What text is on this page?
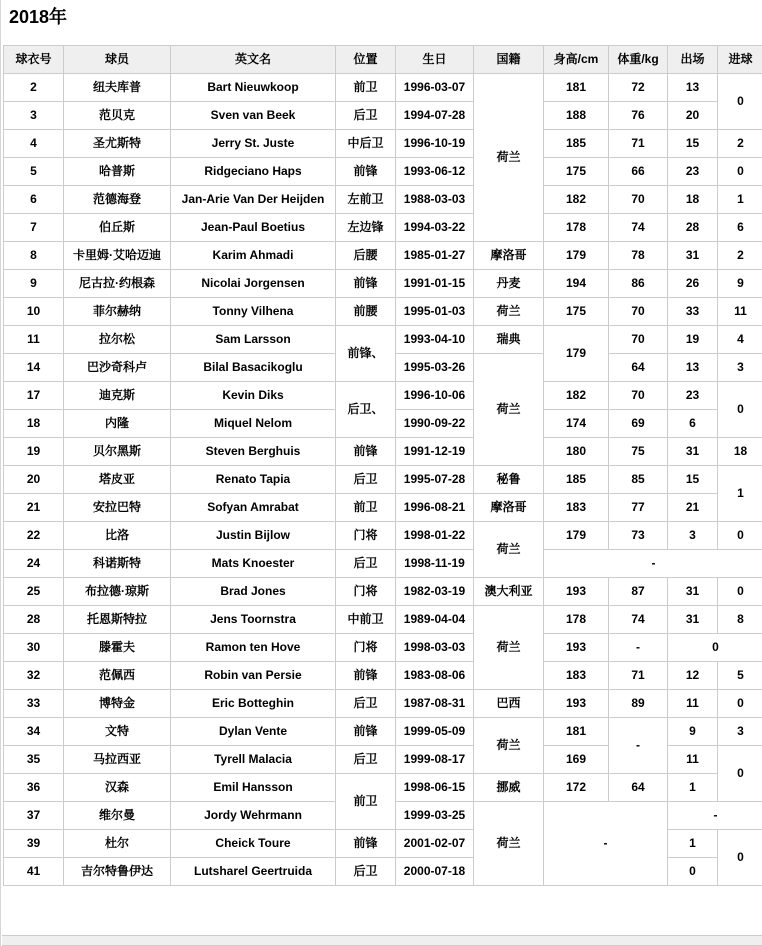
2018年
球衣号	球员	英文名	位置	生日	国籍	身高/cm	体重/kg	出场	进球
2	纽夫库普	Bart Nieuwkoop	前卫	1996-03-07	荷兰	181	72	13	0
3	范贝克	Sven van Beek	后卫	1994-07-28		188	76	20	
4	圣尤斯特	Jerry St. Juste	中后卫	1996-10-19		185	71	15	2
5	哈普斯	Ridgeciano Haps	前锋	1993-06-12		175	66	23	0
6	范德海登	Jan-Arie Van Der Heijden	左前卫	1988-03-03		182	70	18	1
7	伯丘斯	Jean-Paul Boetius	左边锋	1994-03-22		178	74	28	6
8	卡里姆·艾哈迈迪	Karim Ahmadi	后腰	1985-01-27	摩洛哥	179	78	31	2
9	尼古拉·约根森	Nicolai Jorgensen	前锋	1991-01-15	丹麦	194	86	26	9
10	菲尔赫纳	Tonny Vilhena	前腰	1995-01-03	荷兰	175	70	33	11
11	拉尔松	Sam Larsson	前锋、	1993-04-10	瑞典	179	70	19	4
14	巴沙奇科卢	Bilal Basacikoglu		1995-03-26	荷兰		64	13	3
17	迪克斯	Kevin Diks	后卫、	1996-10-06		182	70	23	0
18	内隆	Miquel Nelom		1990-09-22		174	69	6	
19	贝尔黑斯	Steven Berghuis	前锋	1991-12-19		180	75	31	18
20	塔皮亚	Renato Tapia	后卫	1995-07-28	秘鲁	185	85	15	1
21	安拉巴特	Sofyan Amrabat	前卫	1996-08-21	摩洛哥	183	77	21	
22	比洛	Justin Bijlow	门将	1998-01-22	荷兰	179	73	3	0
24	科诺斯特	Mats Knoester	后卫	1998-11-19		-			
25	布拉德·琼斯	Brad Jones	门将	1982-03-19	澳大利亚	193	87	31	0
28	托恩斯特拉	Jens Toornstra	中前卫	1989-04-04	荷兰	178	74	31	8
30	滕霍夫	Ramon ten Hove	门将	1998-03-03		193	-	0	
32	范佩西	Robin van Persie	前锋	1983-08-06		183	71	12	5
33	博特金	Eric Botteghin	后卫	1987-08-31	巴西	193	89	11	0
34	文特	Dylan Vente	前锋	1999-05-09	荷兰	181	-	9	3
35	马拉西亚	Tyrell Malacia	后卫	1999-08-17		169		11	0
36	汉森	Emil Hansson	前卫	1998-06-15	挪威	172	64	1	
37	维尔曼	Jordy Wehrmann		1999-03-25	荷兰	-		-	
39	杜尔	Cheick Toure	前锋	2001-02-07				1	0
41	吉尔特鲁伊达	Lutsharel Geertruida	后卫	2000-07-18				0	
